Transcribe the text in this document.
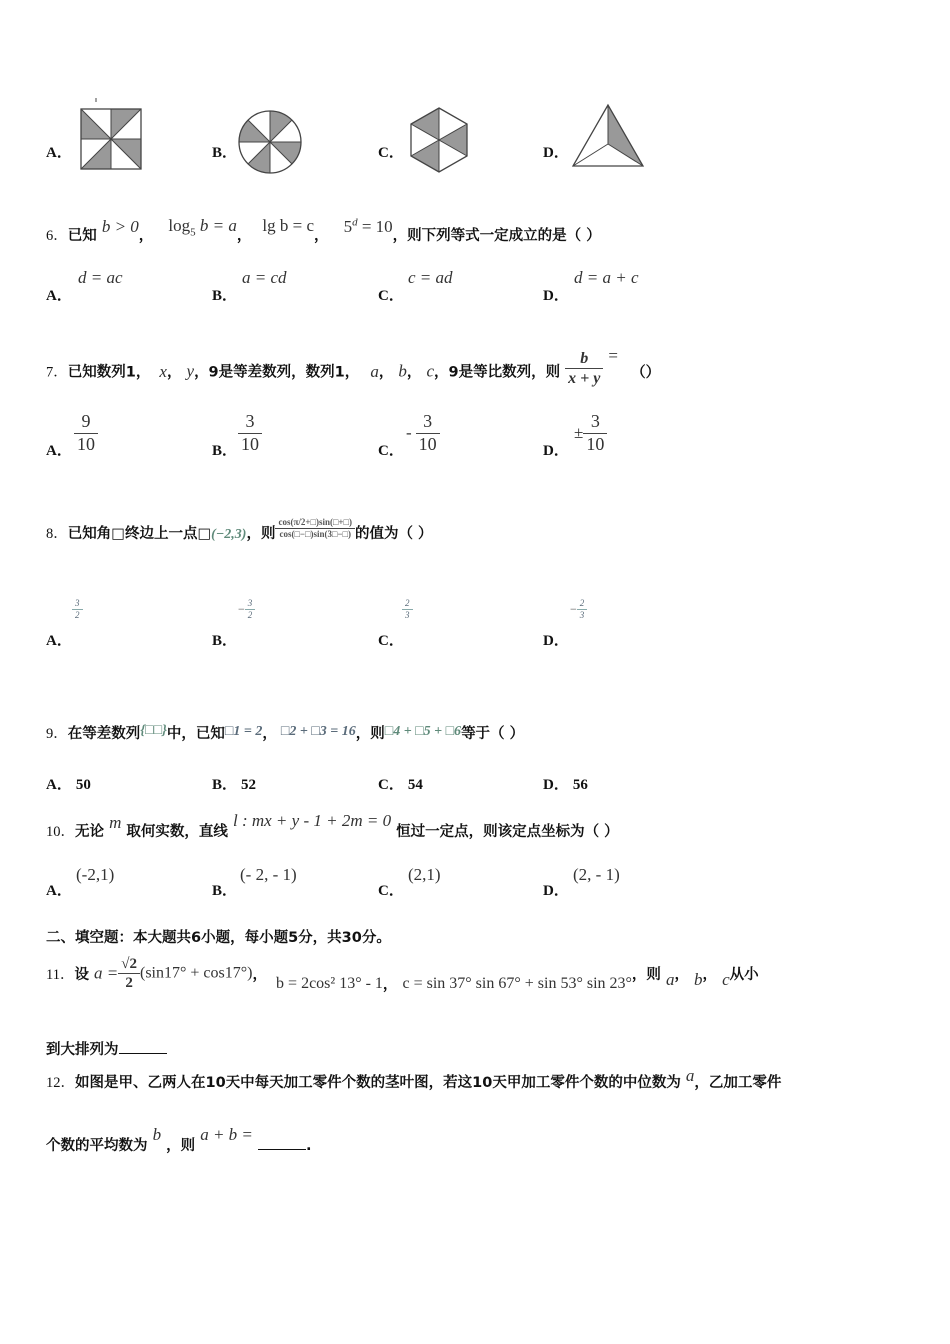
A．	B．	C．	D．
6．已知 b > 0， $\log_5 b = a$， lg b = c， $5^d = 10$，则下列等式一定成立的是（ ）
A．
d = ac
B．
a = cd
C．
c = ad
D．
d = a + c
7．已知数列1， x， y，9是等差数列，数列1， a， b， c，9是等比数列，则 $\frac{b}{x + y}$ = （）
A． $\frac{9}{10}$	B． $\frac{3}{10}$	C．
- $\frac{3}{10}$	D．
± $\frac{3}{10}$
8．已知角□终边上一点□(−2,3)，则 $\frac{\cos(\pi/2+□)\sin(□+□)}{\cos(□-□)\sin(3□-□)}$ 的值为（ ）
A．
$\frac{3}{2}$
B．
− $\frac{3}{2}$
C．
$\frac{2}{3}$
D．
− $\frac{2}{3}$
9．在等差数列{□□}中，已知□1 = 2， □2 + □3 = 16，则□4 + □5 + □6等于（ ）
A． 50	B． 52	C． 54	D． 56
10．无论 m 取何实数，直线 l : mx + y - 1 + 2m = 0 恒过一定点，则该定点坐标为（ ）
A．
(-2,1)
B．
(- 2, - 1)
C．
(2,1)
D．
(2, - 1)
二、填空题：本大题共6小题，每小题5分，共30分。
11．设 $a = \frac{√2}{2} (\sin 17^\circ + \cos 17^\circ)$， b = 2cos² 13° - 1， c = sin 37° sin 67° + sin 53° sin 23°，则 a， b， c从小
到大排列为
12．如图是甲、乙两人在10天中每天加工零件个数的茎叶图，若这10天甲加工零件个数的中位数为 a，乙加工零件
个数的平均数为 b ，则 a + b = .
